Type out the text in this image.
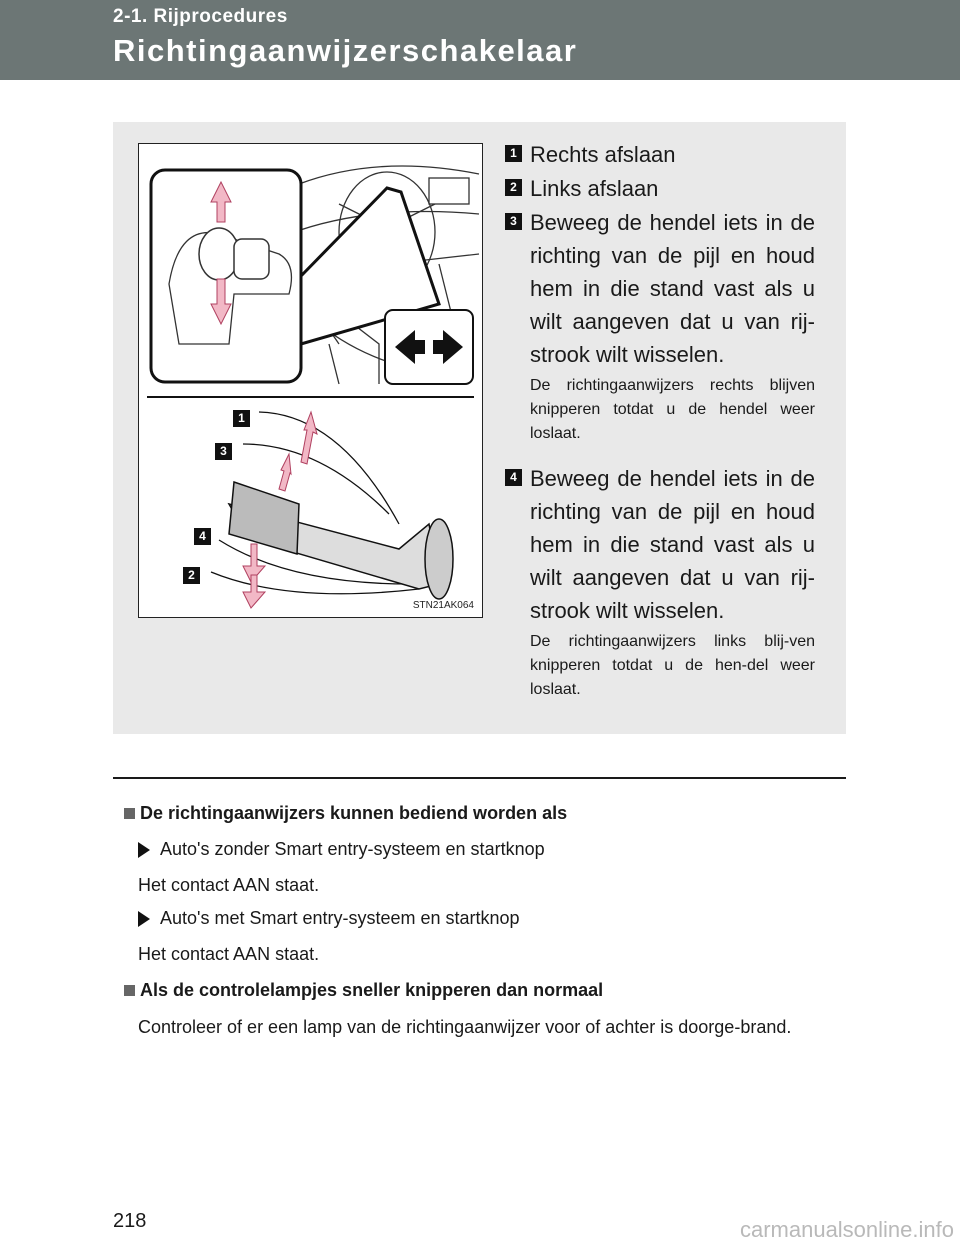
2-1. Rijprocedures
Richtingaanwijzerschakelaar
1
3
4
2
STN21AK064
1 Rechts afslaan
2 Links afslaan
3 Beweeg de hendel iets in de richting van de pijl en houd hem in die stand vast als u wilt aangeven dat u van rij-strook wilt wisselen.
De richtingaanwijzers rechts blijven knipperen totdat u de hendel weer loslaat.
4 Beweeg de hendel iets in de richting van de pijl en houd hem in die stand vast als u wilt aangeven dat u van rij-strook wilt wisselen.
De richtingaanwijzers links blij-ven knipperen totdat u de hen-del weer loslaat.
De richtingaanwijzers kunnen bediend worden als
Auto's zonder Smart entry-systeem en startknop
Het contact AAN staat.
Auto's met Smart entry-systeem en startknop
Het contact AAN staat.
Als de controlelampjes sneller knipperen dan normaal
Controleer of er een lamp van de richtingaanwijzer voor of achter is doorge-brand.
218	carmanualsonline.info
